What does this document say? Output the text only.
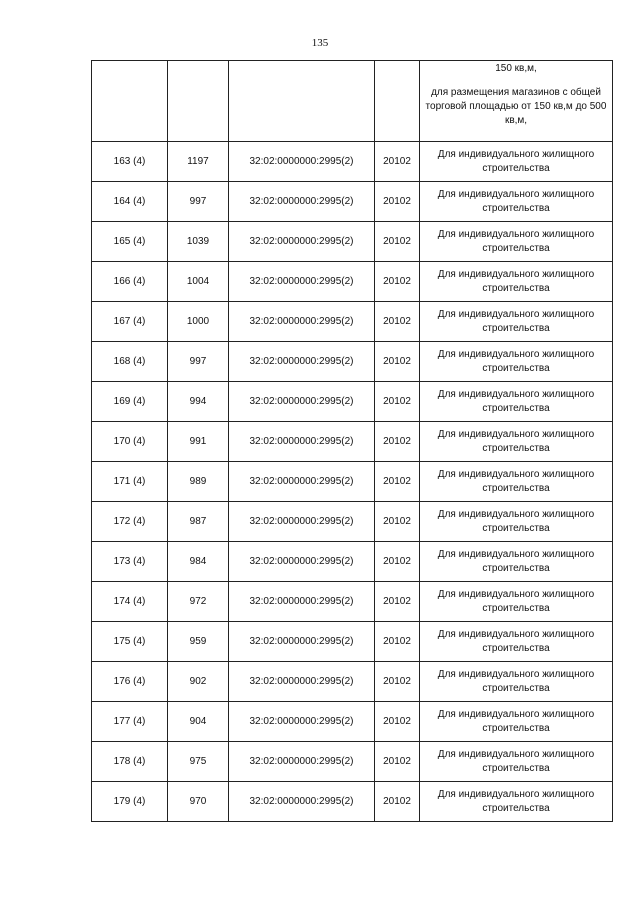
135

				150 кв,м,
для размещения магазинов с общей торговой площадью от 150 кв,м до 500 кв,м,

163 (4)	1197	32:02:0000000:2995(2)	20102	Для индивидуального жилищного строительства
164 (4)	997	32:02:0000000:2995(2)	20102	Для индивидуального жилищного строительства
165 (4)	1039	32:02:0000000:2995(2)	20102	Для индивидуального жилищного строительства
166 (4)	1004	32:02:0000000:2995(2)	20102	Для индивидуального жилищного строительства
167 (4)	1000	32:02:0000000:2995(2)	20102	Для индивидуального жилищного строительства
168 (4)	997	32:02:0000000:2995(2)	20102	Для индивидуального жилищного строительства
169 (4)	994	32:02:0000000:2995(2)	20102	Для индивидуального жилищного строительства
170 (4)	991	32:02:0000000:2995(2)	20102	Для индивидуального жилищного строительства
171 (4)	989	32:02:0000000:2995(2)	20102	Для индивидуального жилищного строительства
172 (4)	987	32:02:0000000:2995(2)	20102	Для индивидуального жилищного строительства
173 (4)	984	32:02:0000000:2995(2)	20102	Для индивидуального жилищного строительства
174 (4)	972	32:02:0000000:2995(2)	20102	Для индивидуального жилищного строительства
175 (4)	959	32:02:0000000:2995(2)	20102	Для индивидуального жилищного строительства
176 (4)	902	32:02:0000000:2995(2)	20102	Для индивидуального жилищного строительства
177 (4)	904	32:02:0000000:2995(2)	20102	Для индивидуального жилищного строительства
178 (4)	975	32:02:0000000:2995(2)	20102	Для индивидуального жилищного строительства
179 (4)	970	32:02:0000000:2995(2)	20102	Для индивидуального жилищного строительства
